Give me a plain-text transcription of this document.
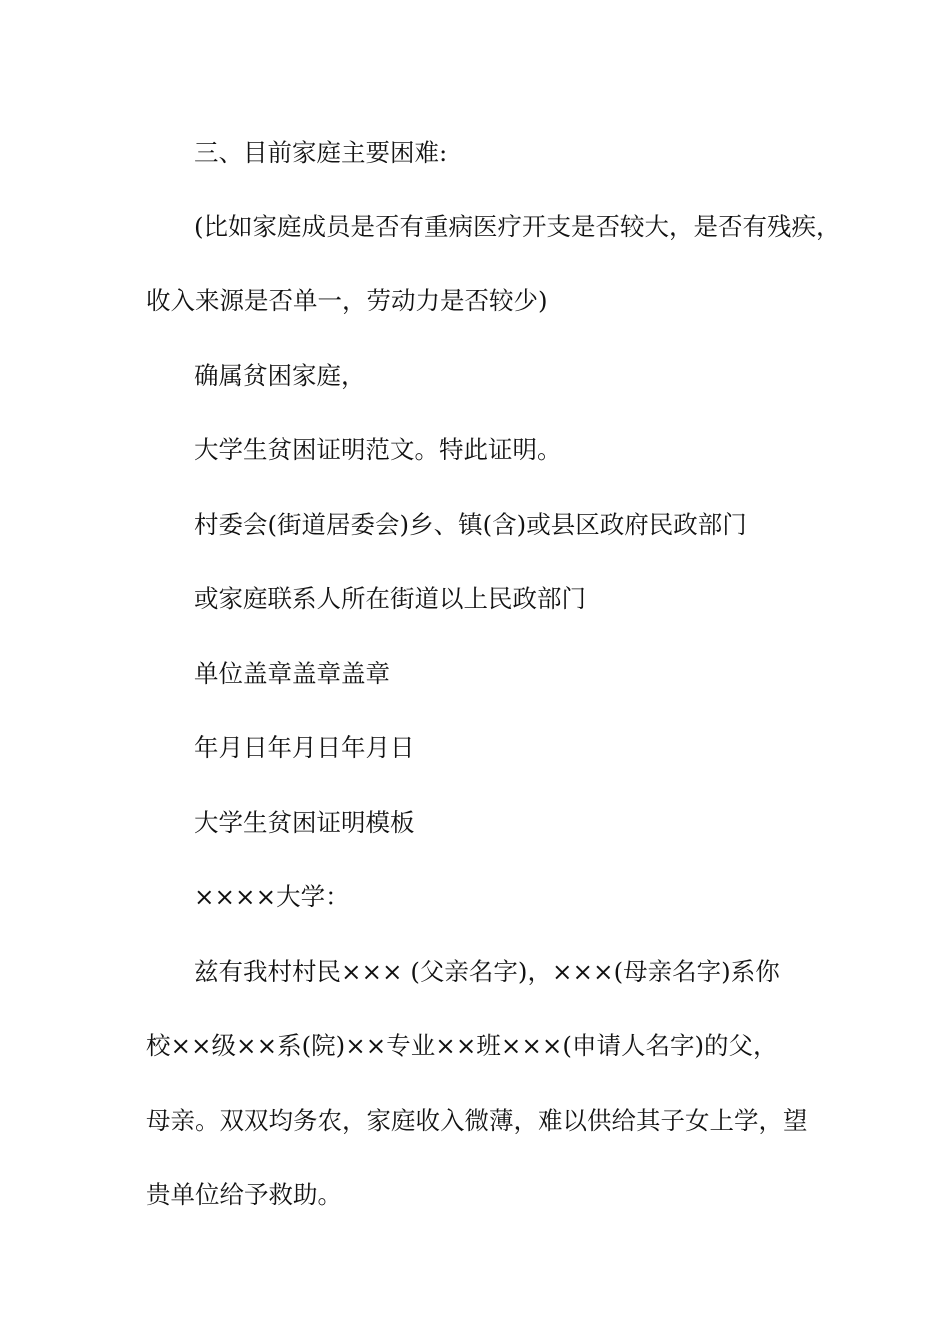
三、目前家庭主要困难:
(比如家庭成员是否有重病医疗开支是否较大，是否有残疾，
收入来源是否单一，劳动力是否较少)
确属贫困家庭，
大学生贫困证明范文。特此证明。
村委会(街道居委会)乡、镇(含)或县区政府民政部门
或家庭联系人所在街道以上民政部门
单位盖章盖章盖章
年月日年月日年月日
大学生贫困证明模板
××××大学：
兹有我村村民××× (父亲名字)，×××(母亲名字)系你
校××级××系(院)××专业××班×××(申请人名字)的父，
母亲。双双均务农，家庭收入微薄，难以供给其子女上学，望
贵单位给予救助。
